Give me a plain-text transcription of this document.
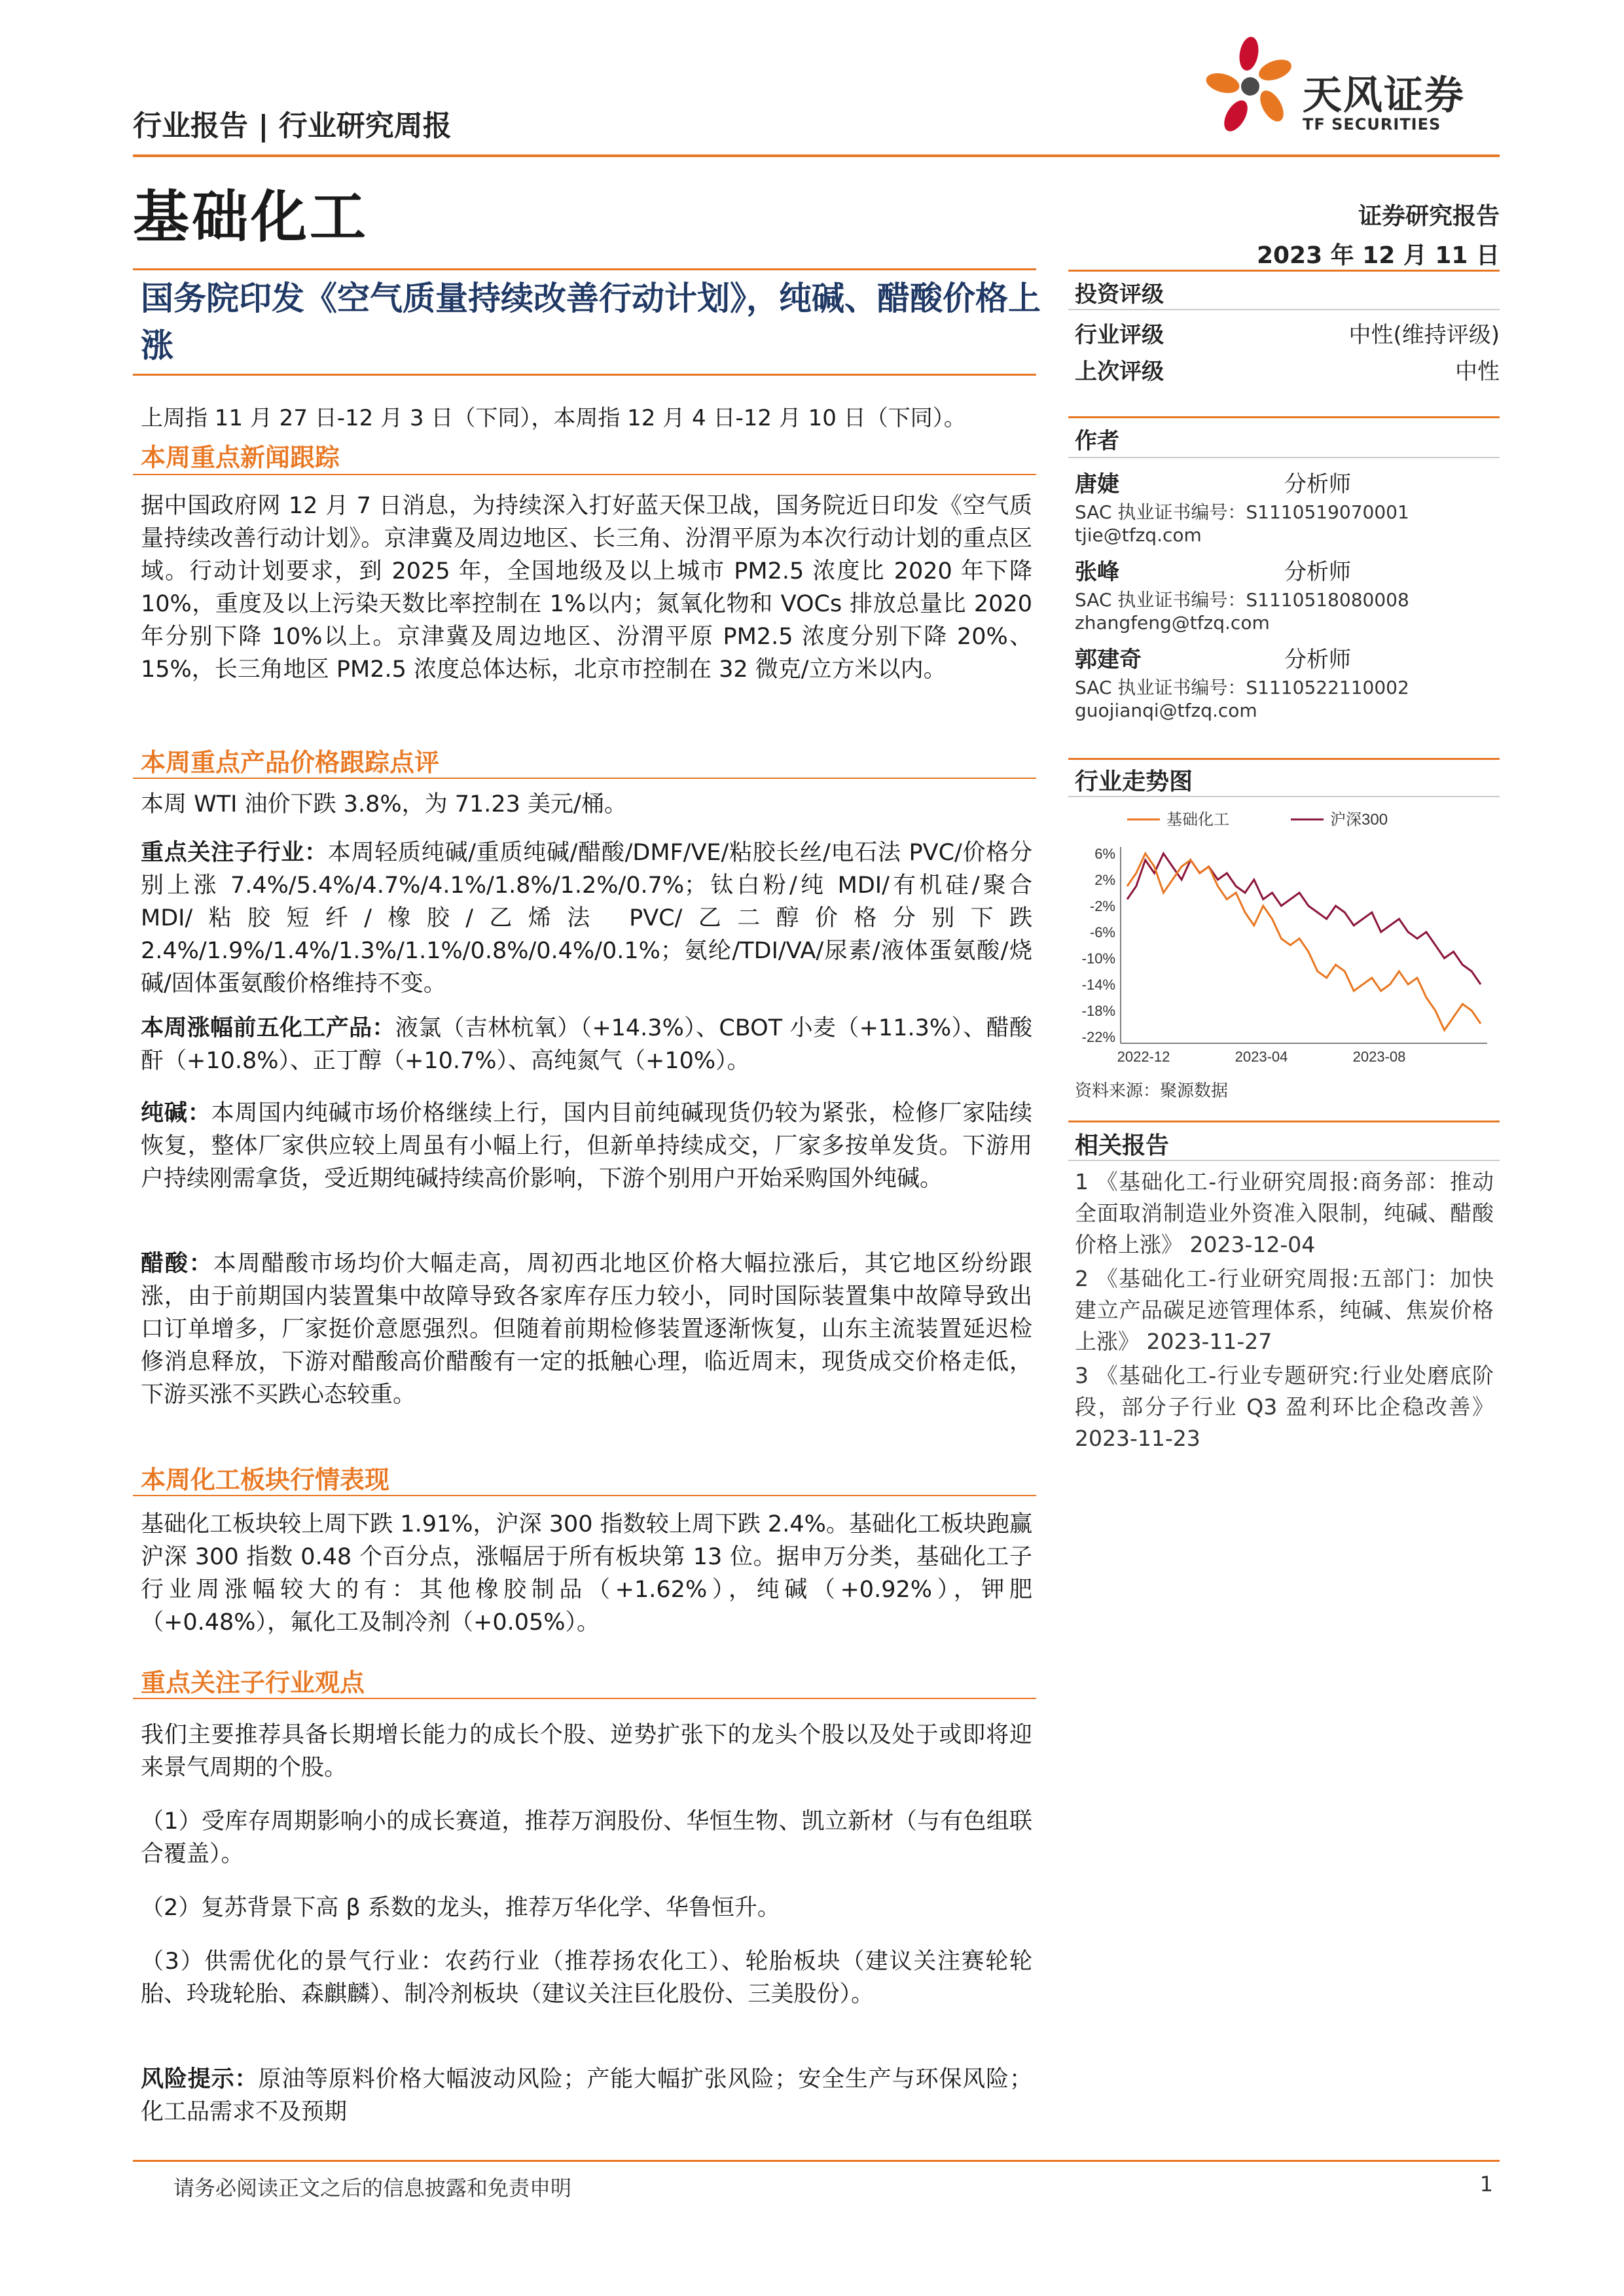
行业报告 | 行业研究周报
天风证券
TF SECURITIES
基础化工	证券研究报告
2023 年 12 月 11 日
国务院印发《空气质量持续改善行动计划》，纯碱、醋酸价格上涨
上周指 11 月 27 日-12 月 3 日（下同），本周指 12 月 4 日-12 月 10 日（下同）。
本周重点新闻跟踪
据中国政府网 12 月 7 日消息，为持续深入打好蓝天保卫战，国务院近日印发《空气质量持续改善行动计划》。京津冀及周边地区、长三角、汾渭平原为本次行动计划的重点区域。行动计划要求，到 2025 年，全国地级及以上城市 PM2.5 浓度比 2020 年下降 10%，重度及以上污染天数比率控制在 1%以内；氮氧化物和 VOCs 排放总量比 2020 年分别下降 10%以上。京津冀及周边地区、汾渭平原 PM2.5 浓度分别下降 20%、15%，长三角地区 PM2.5 浓度总体达标，北京市控制在 32 微克/立方米以内。
本周重点产品价格跟踪点评
本周 WTI 油价下跌 3.8%，为 71.23 美元/桶。
重点关注子行业：本周轻质纯碱/重质纯碱/醋酸/DMF/VE/粘胶长丝/电石法 PVC/价格分别上涨 7.4%/5.4%/4.7%/4.1%/1.8%/1.2%/0.7%；钛白粉/纯 MDI/有机硅/聚合 MDI/粘胶短纤/橡胶/乙烯法 PVC/乙二醇价格分别下跌 2.4%/1.9%/1.4%/1.3%/1.1%/0.8%/0.4%/0.1%；氨纶/TDI/VA/尿素/液体蛋氨酸/烧碱/固体蛋氨酸价格维持不变。
本周涨幅前五化工产品：液氯（吉林杭氧）（+14.3%）、CBOT 小麦（+11.3%）、醋酸酐（+10.8%）、正丁醇（+10.7%）、高纯氮气（+10%）。
纯碱：本周国内纯碱市场价格继续上行，国内目前纯碱现货仍较为紧张，检修厂家陆续恢复，整体厂家供应较上周虽有小幅上行，但新单持续成交，厂家多按单发货。下游用户持续刚需拿货，受近期纯碱持续高价影响，下游个别用户开始采购国外纯碱。
醋酸：本周醋酸市场均价大幅走高，周初西北地区价格大幅拉涨后，其它地区纷纷跟涨，由于前期国内装置集中故障导致各家库存压力较小，同时国际装置集中故障导致出口订单增多，厂家挺价意愿强烈。但随着前期检修装置逐渐恢复，山东主流装置延迟检修消息释放，下游对醋酸高价醋酸有一定的抵触心理，临近周末，现货成交价格走低，下游买涨不买跌心态较重。
本周化工板块行情表现
基础化工板块较上周下跌 1.91%，沪深 300 指数较上周下跌 2.4%。基础化工板块跑赢沪深 300 指数 0.48 个百分点，涨幅居于所有板块第 13 位。据申万分类，基础化工子行业周涨幅较大的有：其他橡胶制品（+1.62%），纯碱（+0.92%），钾肥（+0.48%），氟化工及制冷剂（+0.05%）。
重点关注子行业观点
我们主要推荐具备长期增长能力的成长个股、逆势扩张下的龙头个股以及处于或即将迎来景气周期的个股。
（1）受库存周期影响小的成长赛道，推荐万润股份、华恒生物、凯立新材（与有色组联合覆盖）。
（2）复苏背景下高 β 系数的龙头，推荐万华化学、华鲁恒升。
（3）供需优化的景气行业：农药行业（推荐扬农化工）、轮胎板块（建议关注赛轮轮胎、玲珑轮胎、森麒麟）、制冷剂板块（建议关注巨化股份、三美股份）。
风险提示：原油等原料价格大幅波动风险；产能大幅扩张风险；安全生产与环保风险；化工品需求不及预期
投资评级
行业评级	中性(维持评级)
上次评级	中性
作者
唐婕	分析师
SAC 执业证书编号：S1110519070001
tjie@tfzq.com
张峰	分析师
SAC 执业证书编号：S1110518080008
zhangfeng@tfzq.com
郭建奇	分析师
SAC 执业证书编号：S1110522110002
guojianqi@tfzq.com
行业走势图
基础化工	沪深300
6%
2%
-2%
-6%
-10%
-14%
-18%
-22%
2022-12	2023-04	2023-08
资料来源：聚源数据
相关报告
1 《基础化工-行业研究周报:商务部：推动全面取消制造业外资准入限制，纯碱、醋酸价格上涨》 2023-12-04
2 《基础化工-行业研究周报:五部门：加快建立产品碳足迹管理体系，纯碱、焦炭价格上涨》 2023-11-27
3 《基础化工-行业专题研究:行业处磨底阶段，部分子行业 Q3 盈利环比企稳改善》 2023-11-23
请务必阅读正文之后的信息披露和免责申明	1
